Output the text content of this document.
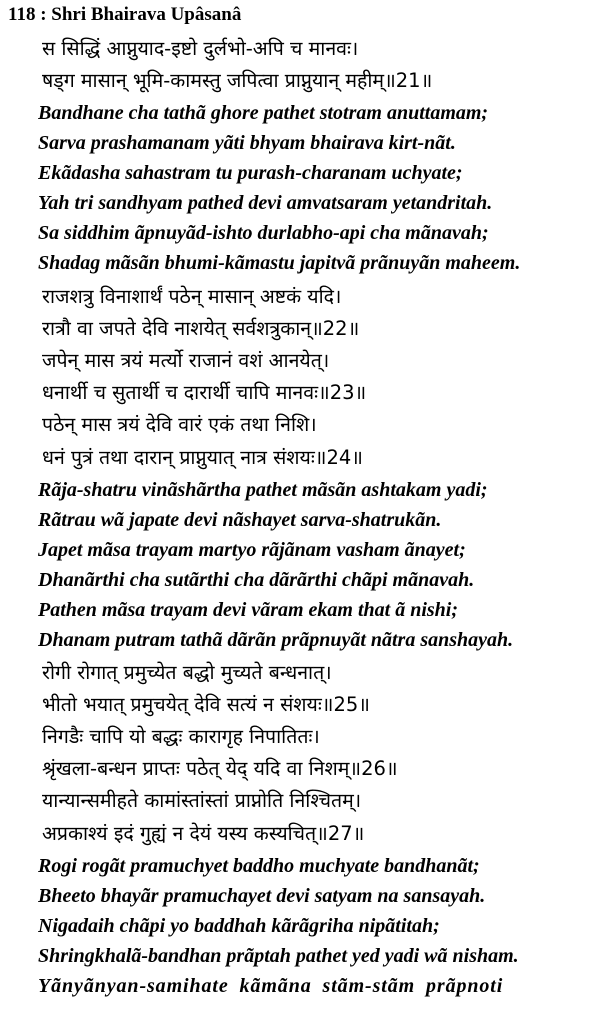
118 : Shri Bhairava Upâsanâ
स सिद्धिं आप्नुयाद-इष्टो दुर्लभो-अपि च मानवः।
षड्ग मासान् भूमि-कामस्तु जपित्वा प्राप्नुयान् महीम्॥21॥
Bandhane cha tathã ghore pathet stotram anuttamam;
Sarva prashamanam yãti bhyam bhairava kirt-nãt.
Ekãdasha sahastram tu purash-charanam uchyate;
Yah tri sandhyam pathed devi amvatsaram yetandritah.
Sa siddhim ãpnuyãd-ishto durlabho-api cha mãnavah;
Shadag mãsãn bhumi-kãmastu japitvã prãnuyãn maheem.
राजशत्रु विनाशार्थं पठेन् मासान् अष्टकं यदि।
रात्रौ वा जपते देवि नाशयेत् सर्वशत्रुकान्॥22॥
जपेन् मास त्रयं मर्त्यो राजानं वशं आनयेत्।
धनार्थी च सुतार्थी च दारार्थी चापि मानवः॥23॥
पठेन् मास त्रयं देवि वारं एकं तथा निशि।
धनं पुत्रं तथा दारान् प्राप्नुयात् नात्र संशयः॥24॥
Rãja-shatru vinãshãrtha pathet mãsãn ashtakam yadi;
Rãtrau wã japate devi nãshayet sarva-shatrukãn.
Japet mãsa trayam martyo rãjãnam vasham ãnayet;
Dhanãrthi cha sutãrthi cha dãrãrthi chãpi mãnavah.
Pathen mãsa trayam devi vãram ekam that ã nishi;
Dhanam putram tathã dãrãn prãpnuyãt nãtra sanshayah.
रोगी रोगात् प्रमुच्येत बद्धो मुच्यते बन्धनात्।
भीतो भयात् प्रमुचयेत् देवि सत्यं न संशयः॥25॥
निगडैः चापि यो बद्धः कारागृह निपातितः।
श्रृंखला-बन्धन प्राप्तः पठेत् येद् यदि वा निशम्॥26॥
यान्यान्समीहते कामांस्तांस्तां प्राप्नोति निश्चितम्।
अप्रकाश्यं इदं गुह्यं न देयं यस्य कस्यचित्॥27॥
Rogi rogãt pramuchyet baddho muchyate bandhanãt;
Bheeto bhayãr pramuchayet devi satyam na sansayah.
Nigadaih chãpi yo baddhah kãrãgriha nipãtitah;
Shringkhalã-bandhan prãptah pathet yed yadi wã nisham.
Yãnyãnyan-samihate kãmãna stãm-stãm prãpnoti
